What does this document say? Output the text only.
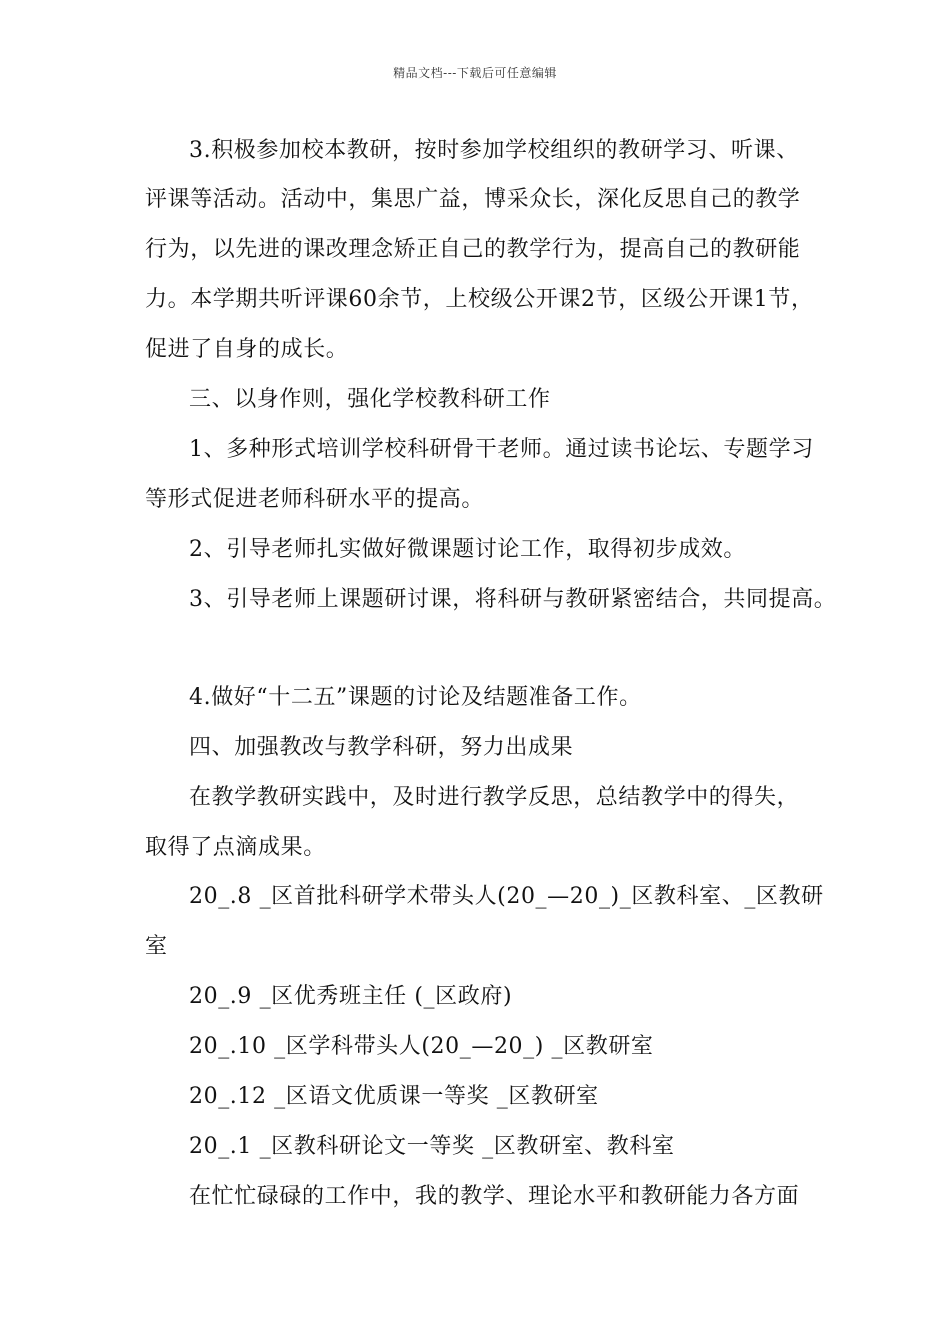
精品文档---下载后可任意编辑
3.积极参加校本教研，按时参加学校组织的教研学习、听课、
评课等活动。活动中，集思广益，博采众长，深化反思自己的教学
行为，以先进的课改理念矫正自己的教学行为，提高自己的教研能
力。本学期共听评课60余节，上校级公开课2节，区级公开课1节，
促进了自身的成长。
三、以身作则，强化学校教科研工作
1、多种形式培训学校科研骨干老师。通过读书论坛、专题学习
等形式促进老师科研水平的提高。
2、引导老师扎实做好微课题讨论工作，取得初步成效。
3、引导老师上课题研讨课，将科研与教研紧密结合，共同提高。
4.做好“十二五”课题的讨论及结题准备工作。
四、加强教改与教学科研，努力出成果
在教学教研实践中，及时进行教学反思，总结教学中的得失，
取得了点滴成果。
20_.8 _区首批科研学术带头人(20_—20_)_区教科室、_区教研
室
20_.9 _区优秀班主任 (_区政府)
20_.10 _区学科带头人(20_—20_) _区教研室
20_.12 _区语文优质课一等奖 _区教研室
20_.1 _区教科研论文一等奖 _区教研室、教科室
在忙忙碌碌的工作中，我的教学、理论水平和教研能力各方面
